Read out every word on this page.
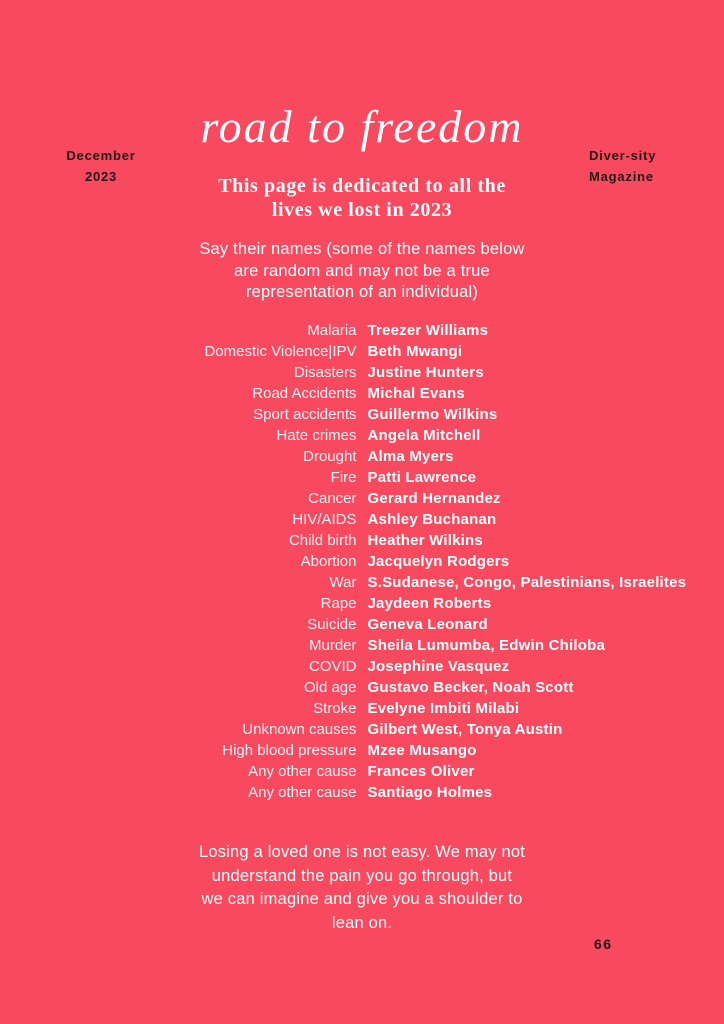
December
2023
road to freedom
This page is dedicated to all the
lives we lost in 2023
Diver-sity
Magazine
Say their names (some of the names below
are random and may not be a true
representation of an individual)
Malaria Treezer Williams
Domestic Violence|IPV Beth Mwangi
Disasters Justine Hunters
Road Accidents Michal Evans
Sport accidents Guillermo Wilkins
Hate crimes Angela Mitchell
Drought Alma Myers
Fire Patti Lawrence
Cancer Gerard Hernandez
HIV/AIDS Ashley Buchanan
Child birth Heather Wilkins
Abortion Jacquelyn Rodgers
War S.Sudanese, Congo, Palestinians, Israelites
Rape Jaydeen Roberts
Suicide Geneva Leonard
Murder Sheila Lumumba, Edwin Chiloba
COVID Josephine Vasquez
Old age Gustavo Becker, Noah Scott
Stroke Evelyne Imbiti Milabi
Unknown causes Gilbert West, Tonya Austin
High blood pressure Mzee Musango
Any other cause Frances Oliver
Any other cause Santiago Holmes
Losing a loved one is not easy. We may not
understand the pain you go through, but
we can imagine and give you a shoulder to
lean on.
66
